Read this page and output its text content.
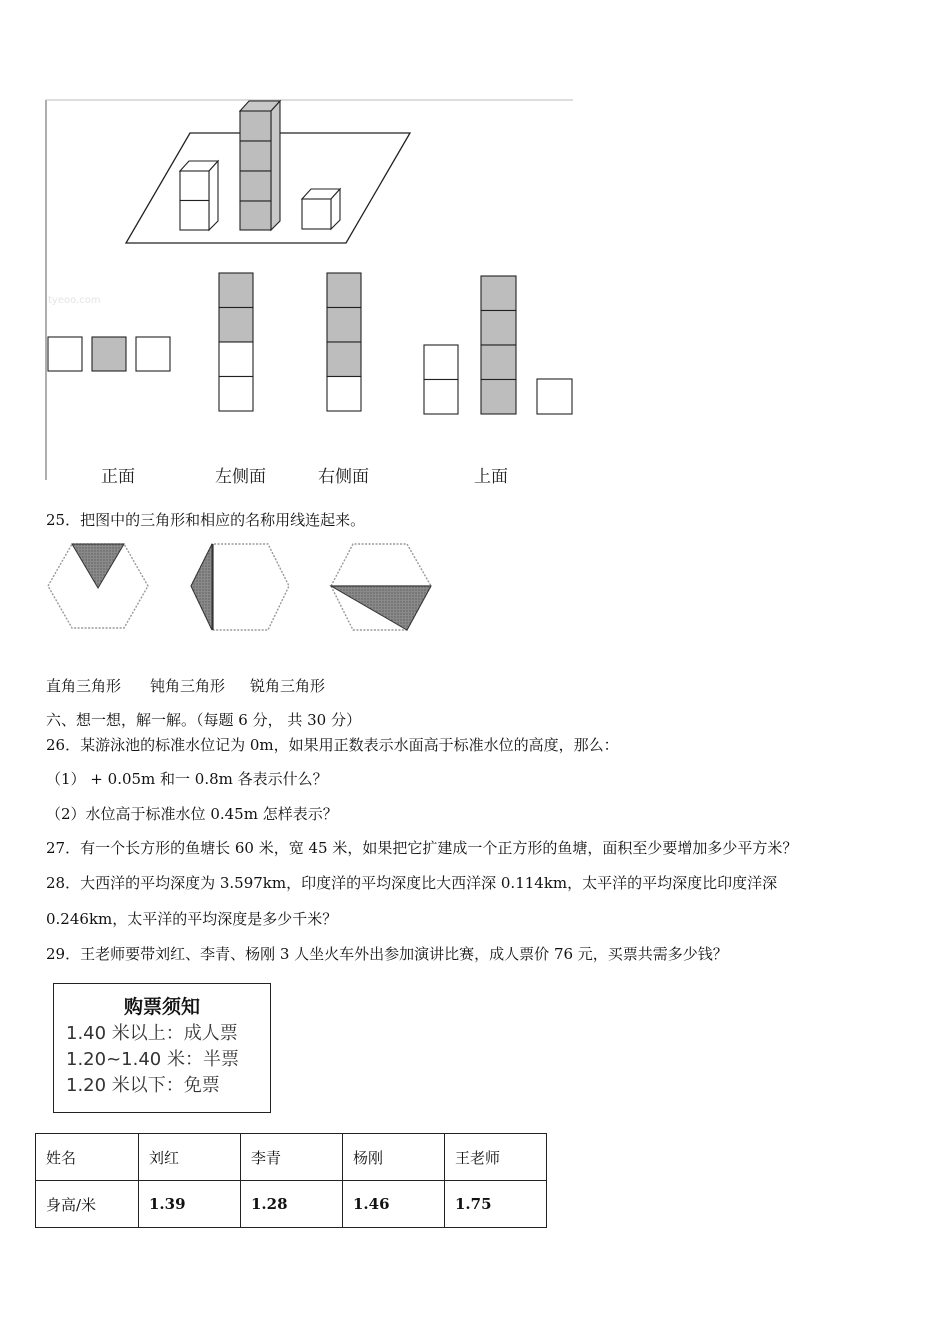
tyeoo.com
正面	左侧面	右侧面	上面
25．把图中的三角形和相应的名称用线连起来。
直角三角形 钝角三角形 锐角三角形
六、想一想，解一解。（每题 6 分， 共 30 分）
26．某游泳池的标准水位记为 0m，如果用正数表示水面高于标准水位的高度，那么：
（1） + 0.05m 和一 0.8m 各表示什么？
（2）水位高于标准水位 0.45m 怎样表示？
27．有一个长方形的鱼塘长 60 米，宽 45 米，如果把它扩建成一个正方形的鱼塘，面积至少要增加多少平方米？
28．大西洋的平均深度为 3.597km，印度洋的平均深度比大西洋深 0.114km，太平洋的平均深度比印度洋深
0.246km，太平洋的平均深度是多少千米？
29．王老师要带刘红、李青、杨刚 3 人坐火车外出参加演讲比赛，成人票价 76 元，买票共需多少钱？
购票须知
1.40 米以上：成人票
1.20~1.40 米：半票
1.20 米以下：免票
姓名	刘红	李青	杨刚	王老师
身高/米	1.39	1.28	1.46	1.75
